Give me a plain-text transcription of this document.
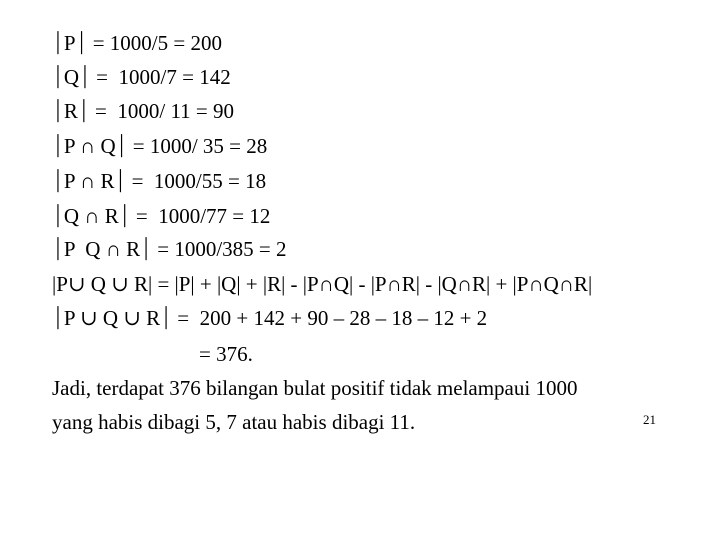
⏐P⏐ = 1000/5 = 200
⏐Q⏐ =  1000/7 = 142
⏐R⏐ =  1000/ 11 = 90
⏐P ∩ Q⏐ = 1000/ 35 = 28
⏐P ∩ R⏐ =  1000/55 = 18
⏐Q ∩ R⏐ =  1000/77 = 12
⏐P  Q ∩ R⏐ = 1000/385 = 2
|P∪ Q ∪ R| = |P| + |Q| + |R| - |P∩Q| - |P∩R| - |Q∩R| + |P∩Q∩R|
⏐P ∪ Q ∪ R⏐ =  200 + 142 + 90 – 28 – 18 – 12 + 2
= 376.
Jadi, terdapat 376 bilangan bulat positif tidak melampaui 1000
yang habis dibagi 5, 7 atau habis dibagi 11.	21
